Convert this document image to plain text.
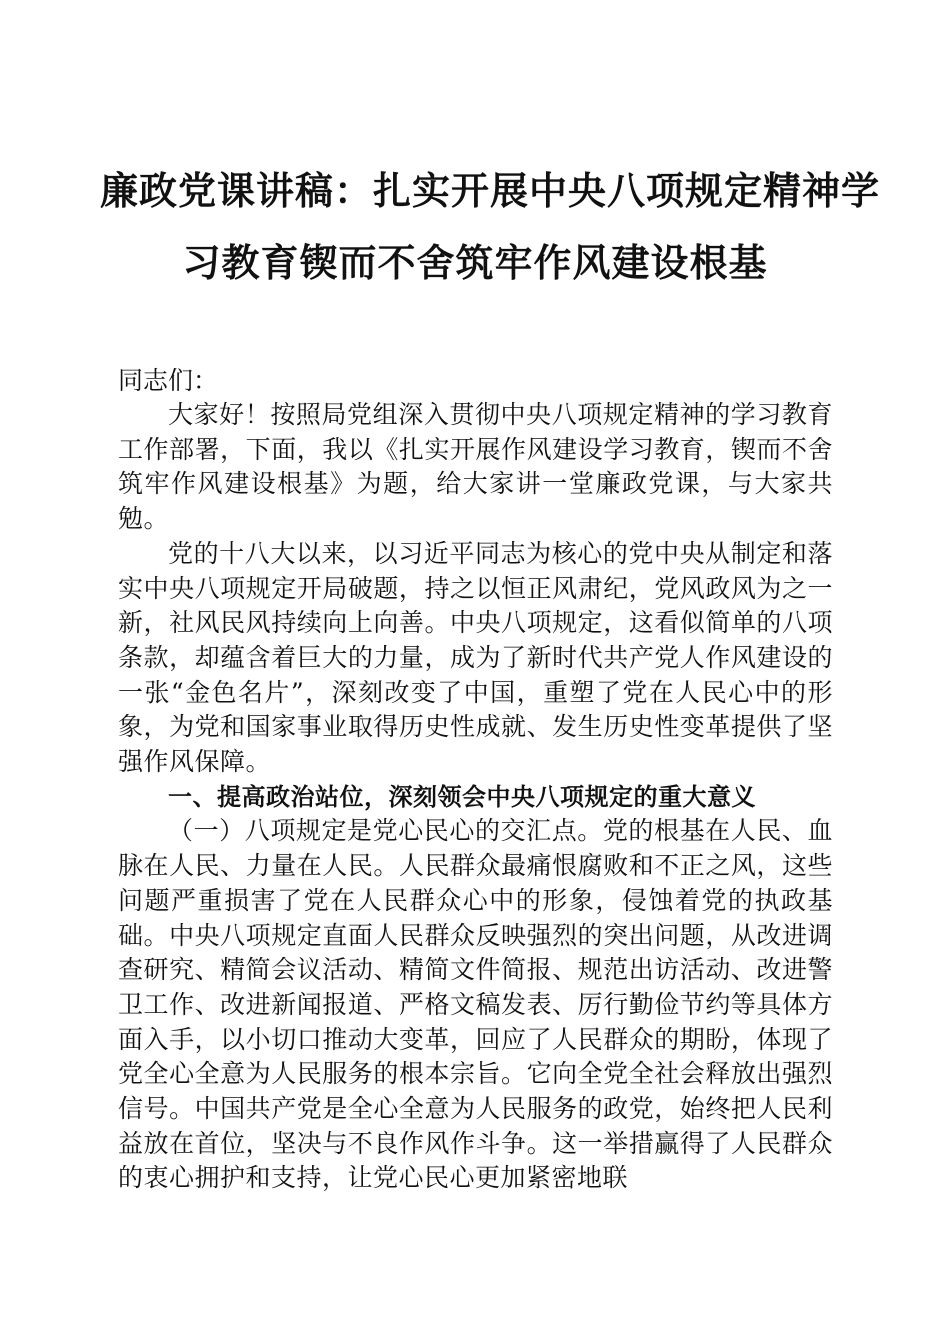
廉政党课讲稿：扎实开展中央八项规定精神学
习教育锲而不舍筑牢作风建设根基

同志们：

大家好！按照局党组深入贯彻中央八项规定精神的学习教育工作部署，下面，我以《扎实开展作风建设学习教育，锲而不舍筑牢作风建设根基》为题，给大家讲一堂廉政党课，与大家共勉。

党的十八大以来，以习近平同志为核心的党中央从制定和落实中央八项规定开局破题，持之以恒正风肃纪，党风政风为之一新，社风民风持续向上向善。中央八项规定，这看似简单的八项条款，却蕴含着巨大的力量，成为了新时代共产党人作风建设的一张“金色名片”，深刻改变了中国，重塑了党在人民心中的形象，为党和国家事业取得历史性成就、发生历史性变革提供了坚强作风保障。

一、提高政治站位，深刻领会中央八项规定的重大意义

（一）八项规定是党心民心的交汇点。党的根基在人民、血脉在人民、力量在人民。人民群众最痛恨腐败和不正之风，这些问题严重损害了党在人民群众心中的形象，侵蚀着党的执政基础。中央八项规定直面人民群众反映强烈的突出问题，从改进调查研究、精简会议活动、精简文件简报、规范出访活动、改进警卫工作、改进新闻报道、严格文稿发表、厉行勤俭节约等具体方面入手，以小切口推动大变革，回应了人民群众的期盼，体现了党全心全意为人民服务的根本宗旨。它向全党全社会释放出强烈信号。中国共产党是全心全意为人民服务的政党，始终把人民利益放在首位，坚决与不良作风作斗争。这一举措赢得了人民群众的衷心拥护和支持，让党心民心更加紧密地联
